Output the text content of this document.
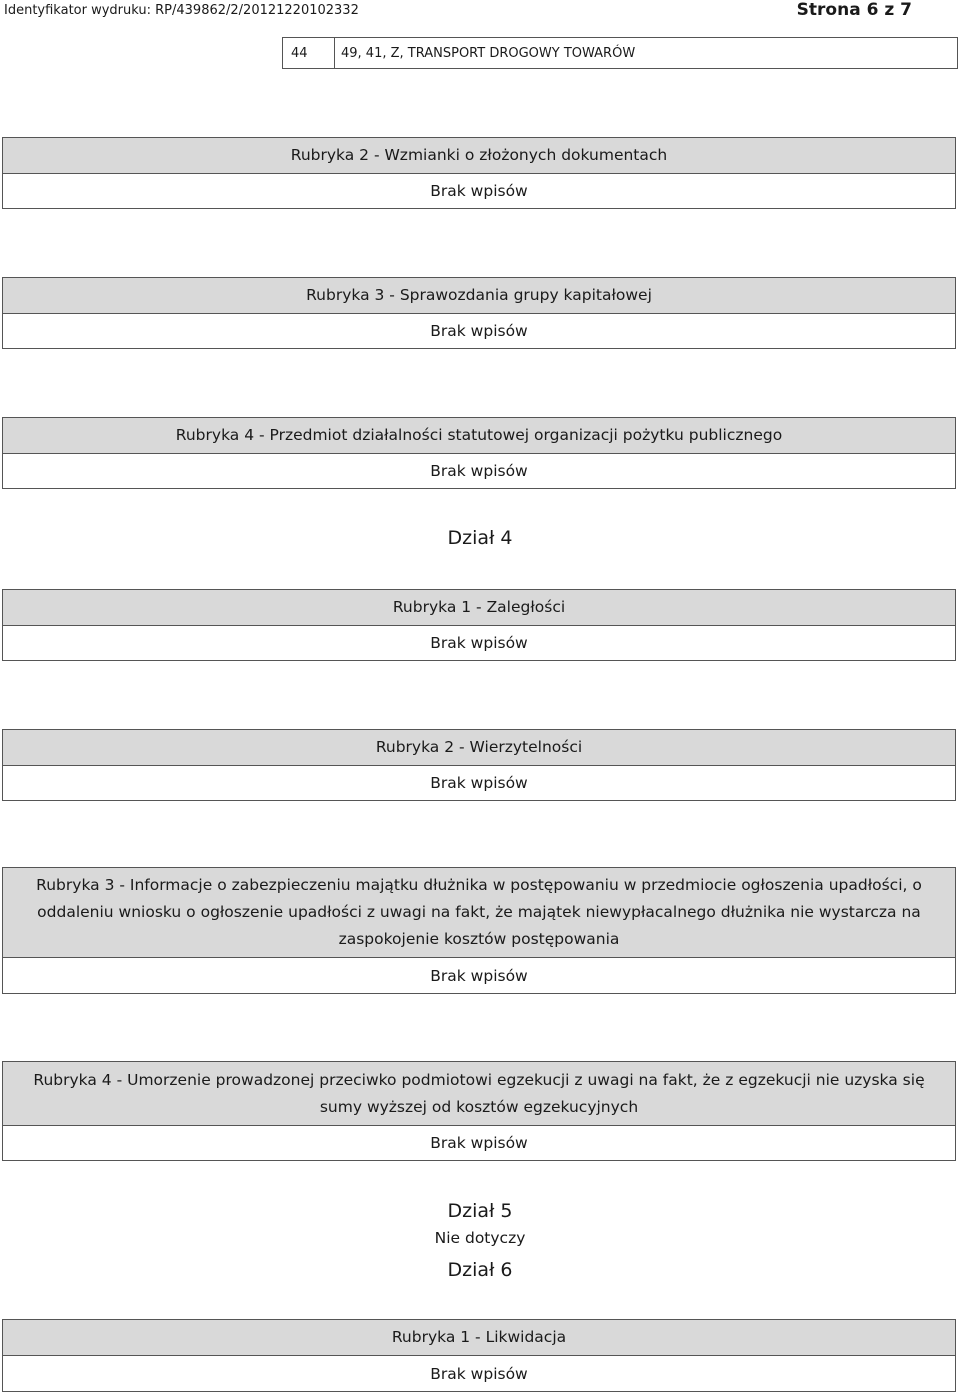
Identyfikator wydruku: RP/439862/2/20121220102332	Strona 6 z 7
44	49, 41, Z, TRANSPORT DROGOWY TOWARÓW
Rubryka 2 - Wzmianki o złożonych dokumentach
Brak wpisów
Rubryka 3 - Sprawozdania grupy kapitałowej
Brak wpisów
Rubryka 4 - Przedmiot działalności statutowej organizacji pożytku publicznego
Brak wpisów
Dział 4
Rubryka 1 - Zaległości
Brak wpisów
Rubryka 2 - Wierzytelności
Brak wpisów
Rubryka 3 - Informacje o zabezpieczeniu majątku dłużnika w postępowaniu w przedmiocie ogłoszenia upadłości, o oddaleniu wniosku o ogłoszenie upadłości z uwagi na fakt, że majątek niewypłacalnego dłużnika nie wystarcza na zaspokojenie kosztów postępowania
Brak wpisów
Rubryka 4 - Umorzenie prowadzonej przeciwko podmiotowi egzekucji z uwagi na fakt, że z egzekucji nie uzyska się sumy wyższej od kosztów egzekucyjnych
Brak wpisów
Dział 5
Nie dotyczy
Dział 6
Rubryka 1 - Likwidacja
Brak wpisów
